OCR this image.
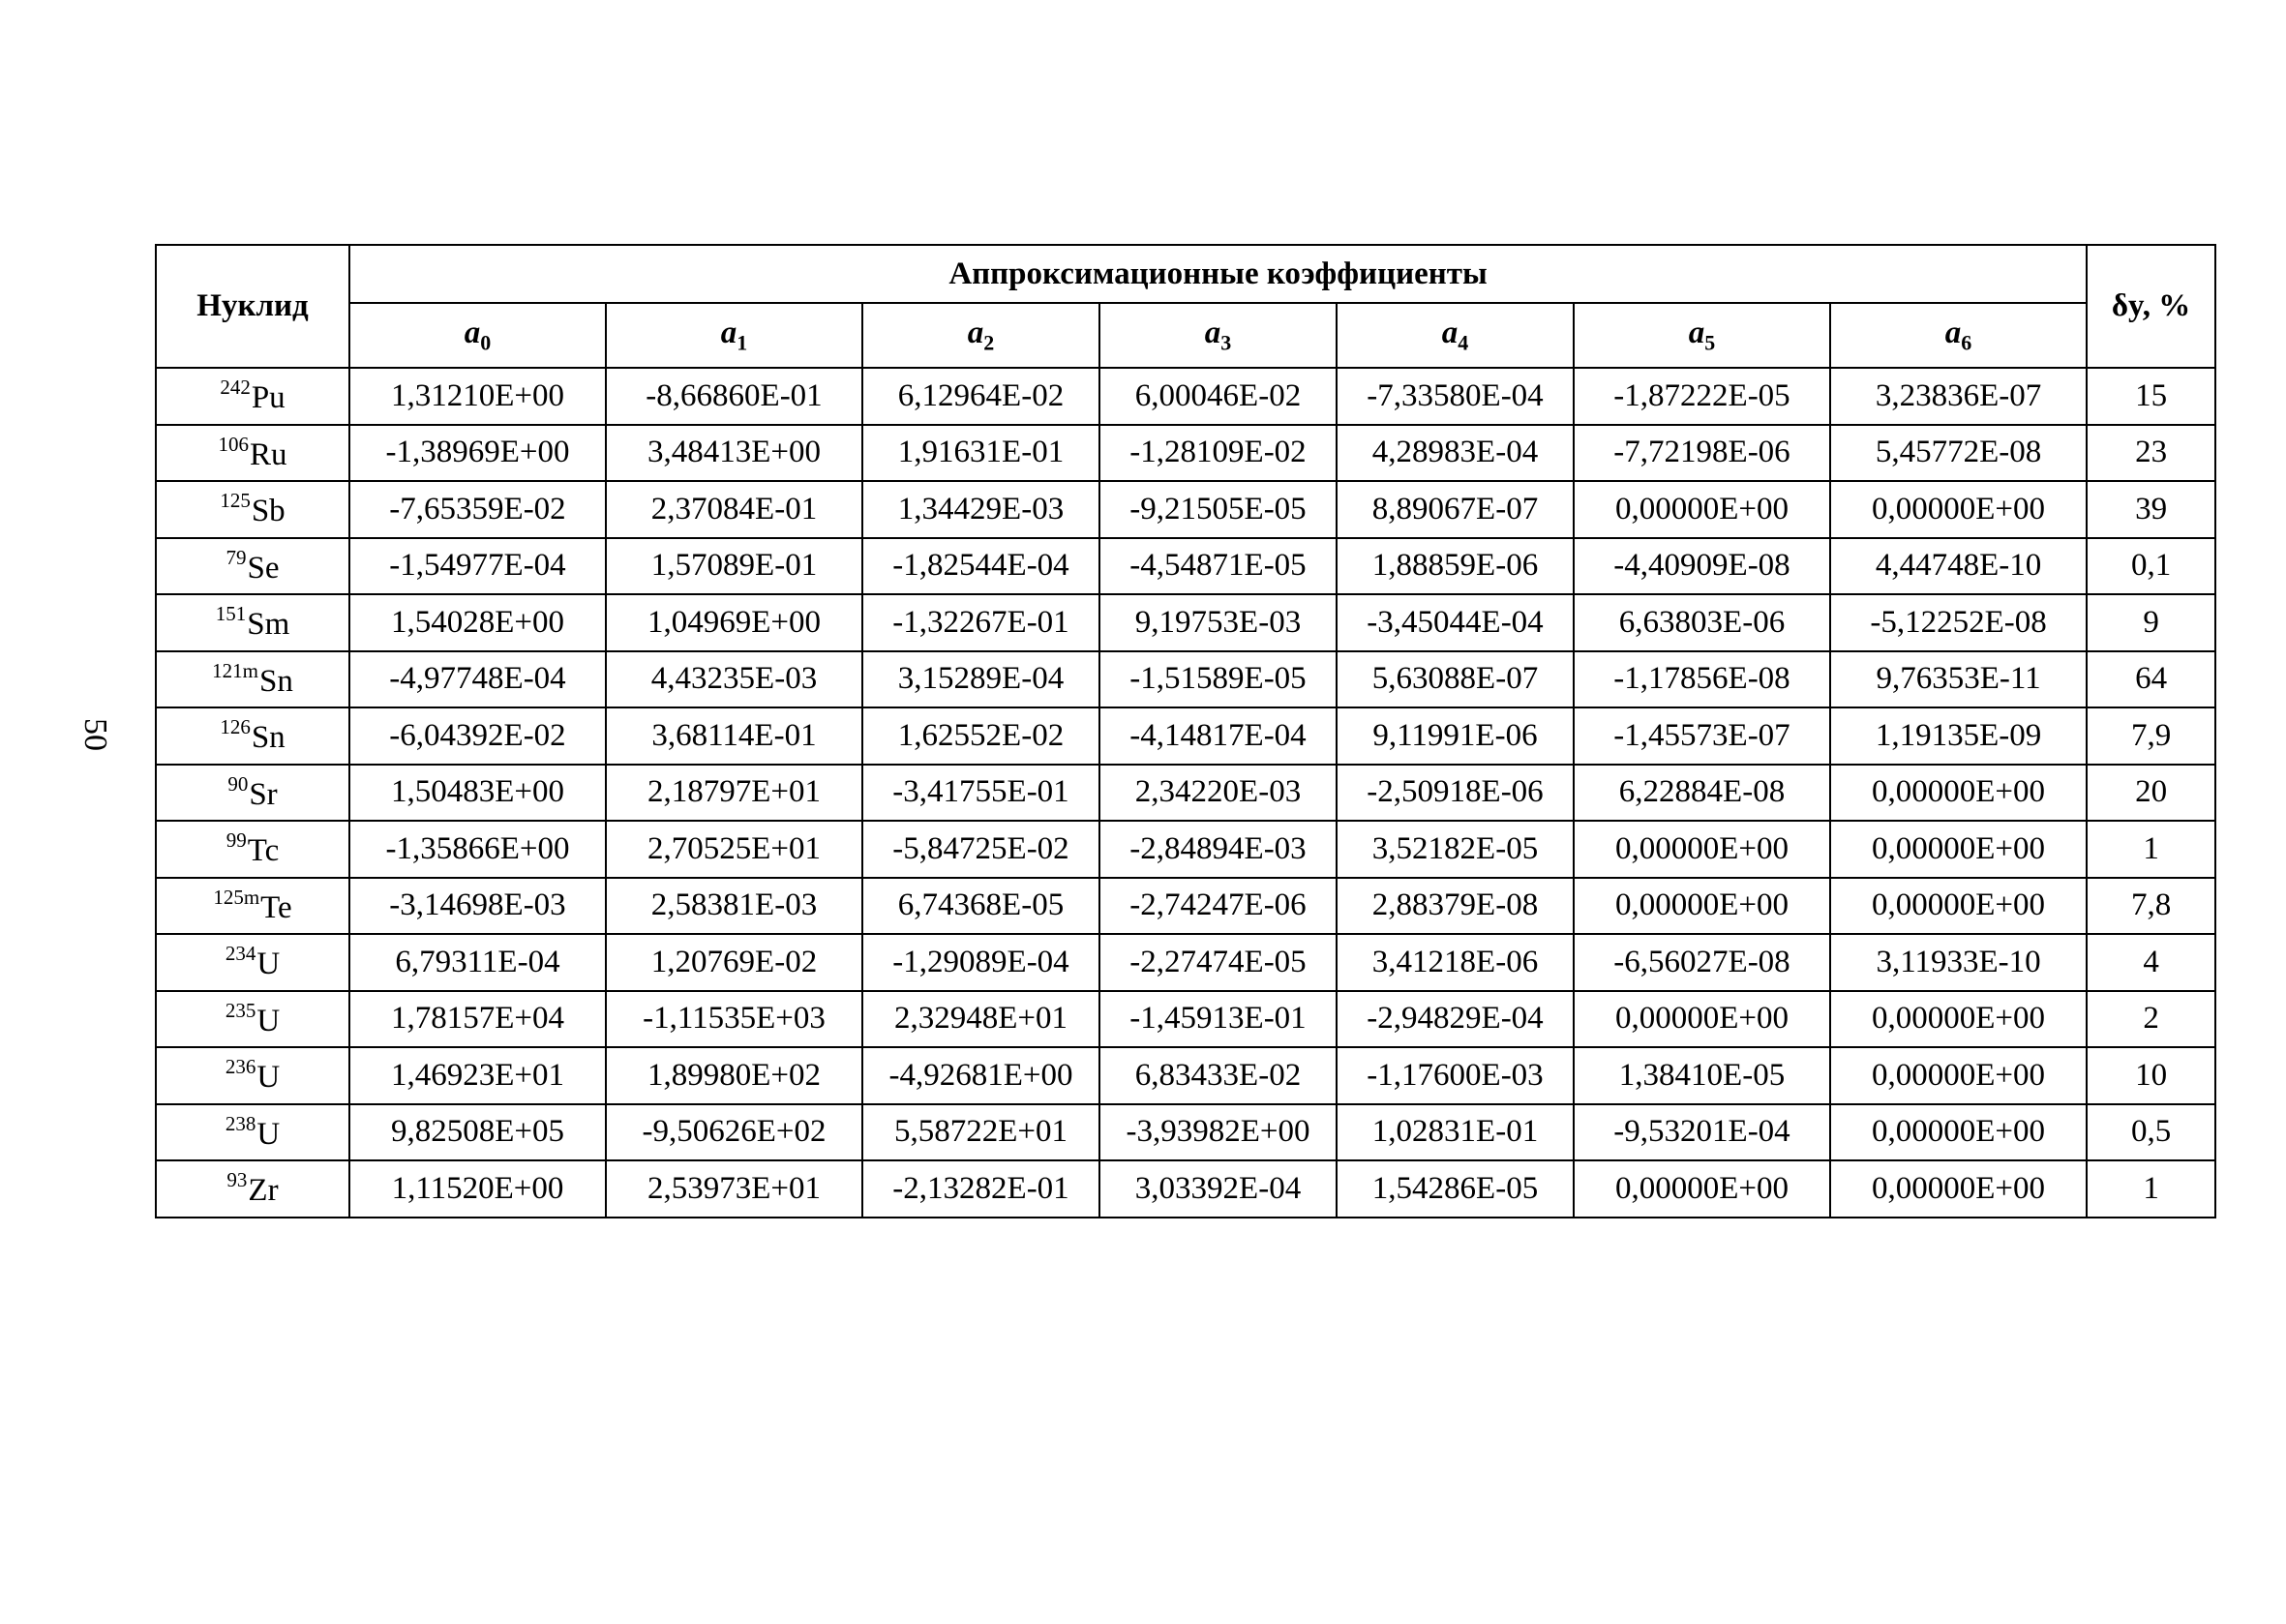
50
Нуклид	Аппроксимационные коэффициенты							δy, %
	$a_0$	$a_1$	$a_2$	$a_3$	$a_4$	$a_5$	$a_6$
$^{242}$Pu	1,31210E+00	-8,66860E-01	6,12964E-02	6,00046E-02	-7,33580E-04	-1,87222E-05	3,23836E-07	15
$^{106}$Ru	-1,38969E+00	3,48413E+00	1,91631E-01	-1,28109E-02	4,28983E-04	-7,72198E-06	5,45772E-08	23
$^{125}$Sb	-7,65359E-02	2,37084E-01	1,34429E-03	-9,21505E-05	8,89067E-07	0,00000E+00	0,00000E+00	39
$^{79}$Se	-1,54977E-04	1,57089E-01	-1,82544E-04	-4,54871E-05	1,88859E-06	-4,40909E-08	4,44748E-10	0,1
$^{151}$Sm	1,54028E+00	1,04969E+00	-1,32267E-01	9,19753E-03	-3,45044E-04	6,63803E-06	-5,12252E-08	9
$^{121m}$Sn	-4,97748E-04	4,43235E-03	3,15289E-04	-1,51589E-05	5,63088E-07	-1,17856E-08	9,76353E-11	64
$^{126}$Sn	-6,04392E-02	3,68114E-01	1,62552E-02	-4,14817E-04	9,11991E-06	-1,45573E-07	1,19135E-09	7,9
$^{90}$Sr	1,50483E+00	2,18797E+01	-3,41755E-01	2,34220E-03	-2,50918E-06	6,22884E-08	0,00000E+00	20
$^{99}$Tc	-1,35866E+00	2,70525E+01	-5,84725E-02	-2,84894E-03	3,52182E-05	0,00000E+00	0,00000E+00	1
$^{125m}$Te	-3,14698E-03	2,58381E-03	6,74368E-05	-2,74247E-06	2,88379E-08	0,00000E+00	0,00000E+00	7,8
$^{234}$U	6,79311E-04	1,20769E-02	-1,29089E-04	-2,27474E-05	3,41218E-06	-6,56027E-08	3,11933E-10	4
$^{235}$U	1,78157E+04	-1,11535E+03	2,32948E+01	-1,45913E-01	-2,94829E-04	0,00000E+00	0,00000E+00	2
$^{236}$U	1,46923E+01	1,89980E+02	-4,92681E+00	6,83433E-02	-1,17600E-03	1,38410E-05	0,00000E+00	10
$^{238}$U	9,82508E+05	-9,50626E+02	5,58722E+01	-3,93982E+00	1,02831E-01	-9,53201E-04	0,00000E+00	0,5
$^{93}$Zr	1,11520E+00	2,53973E+01	-2,13282E-01	3,03392E-04	1,54286E-05	0,00000E+00	0,00000E+00	1
